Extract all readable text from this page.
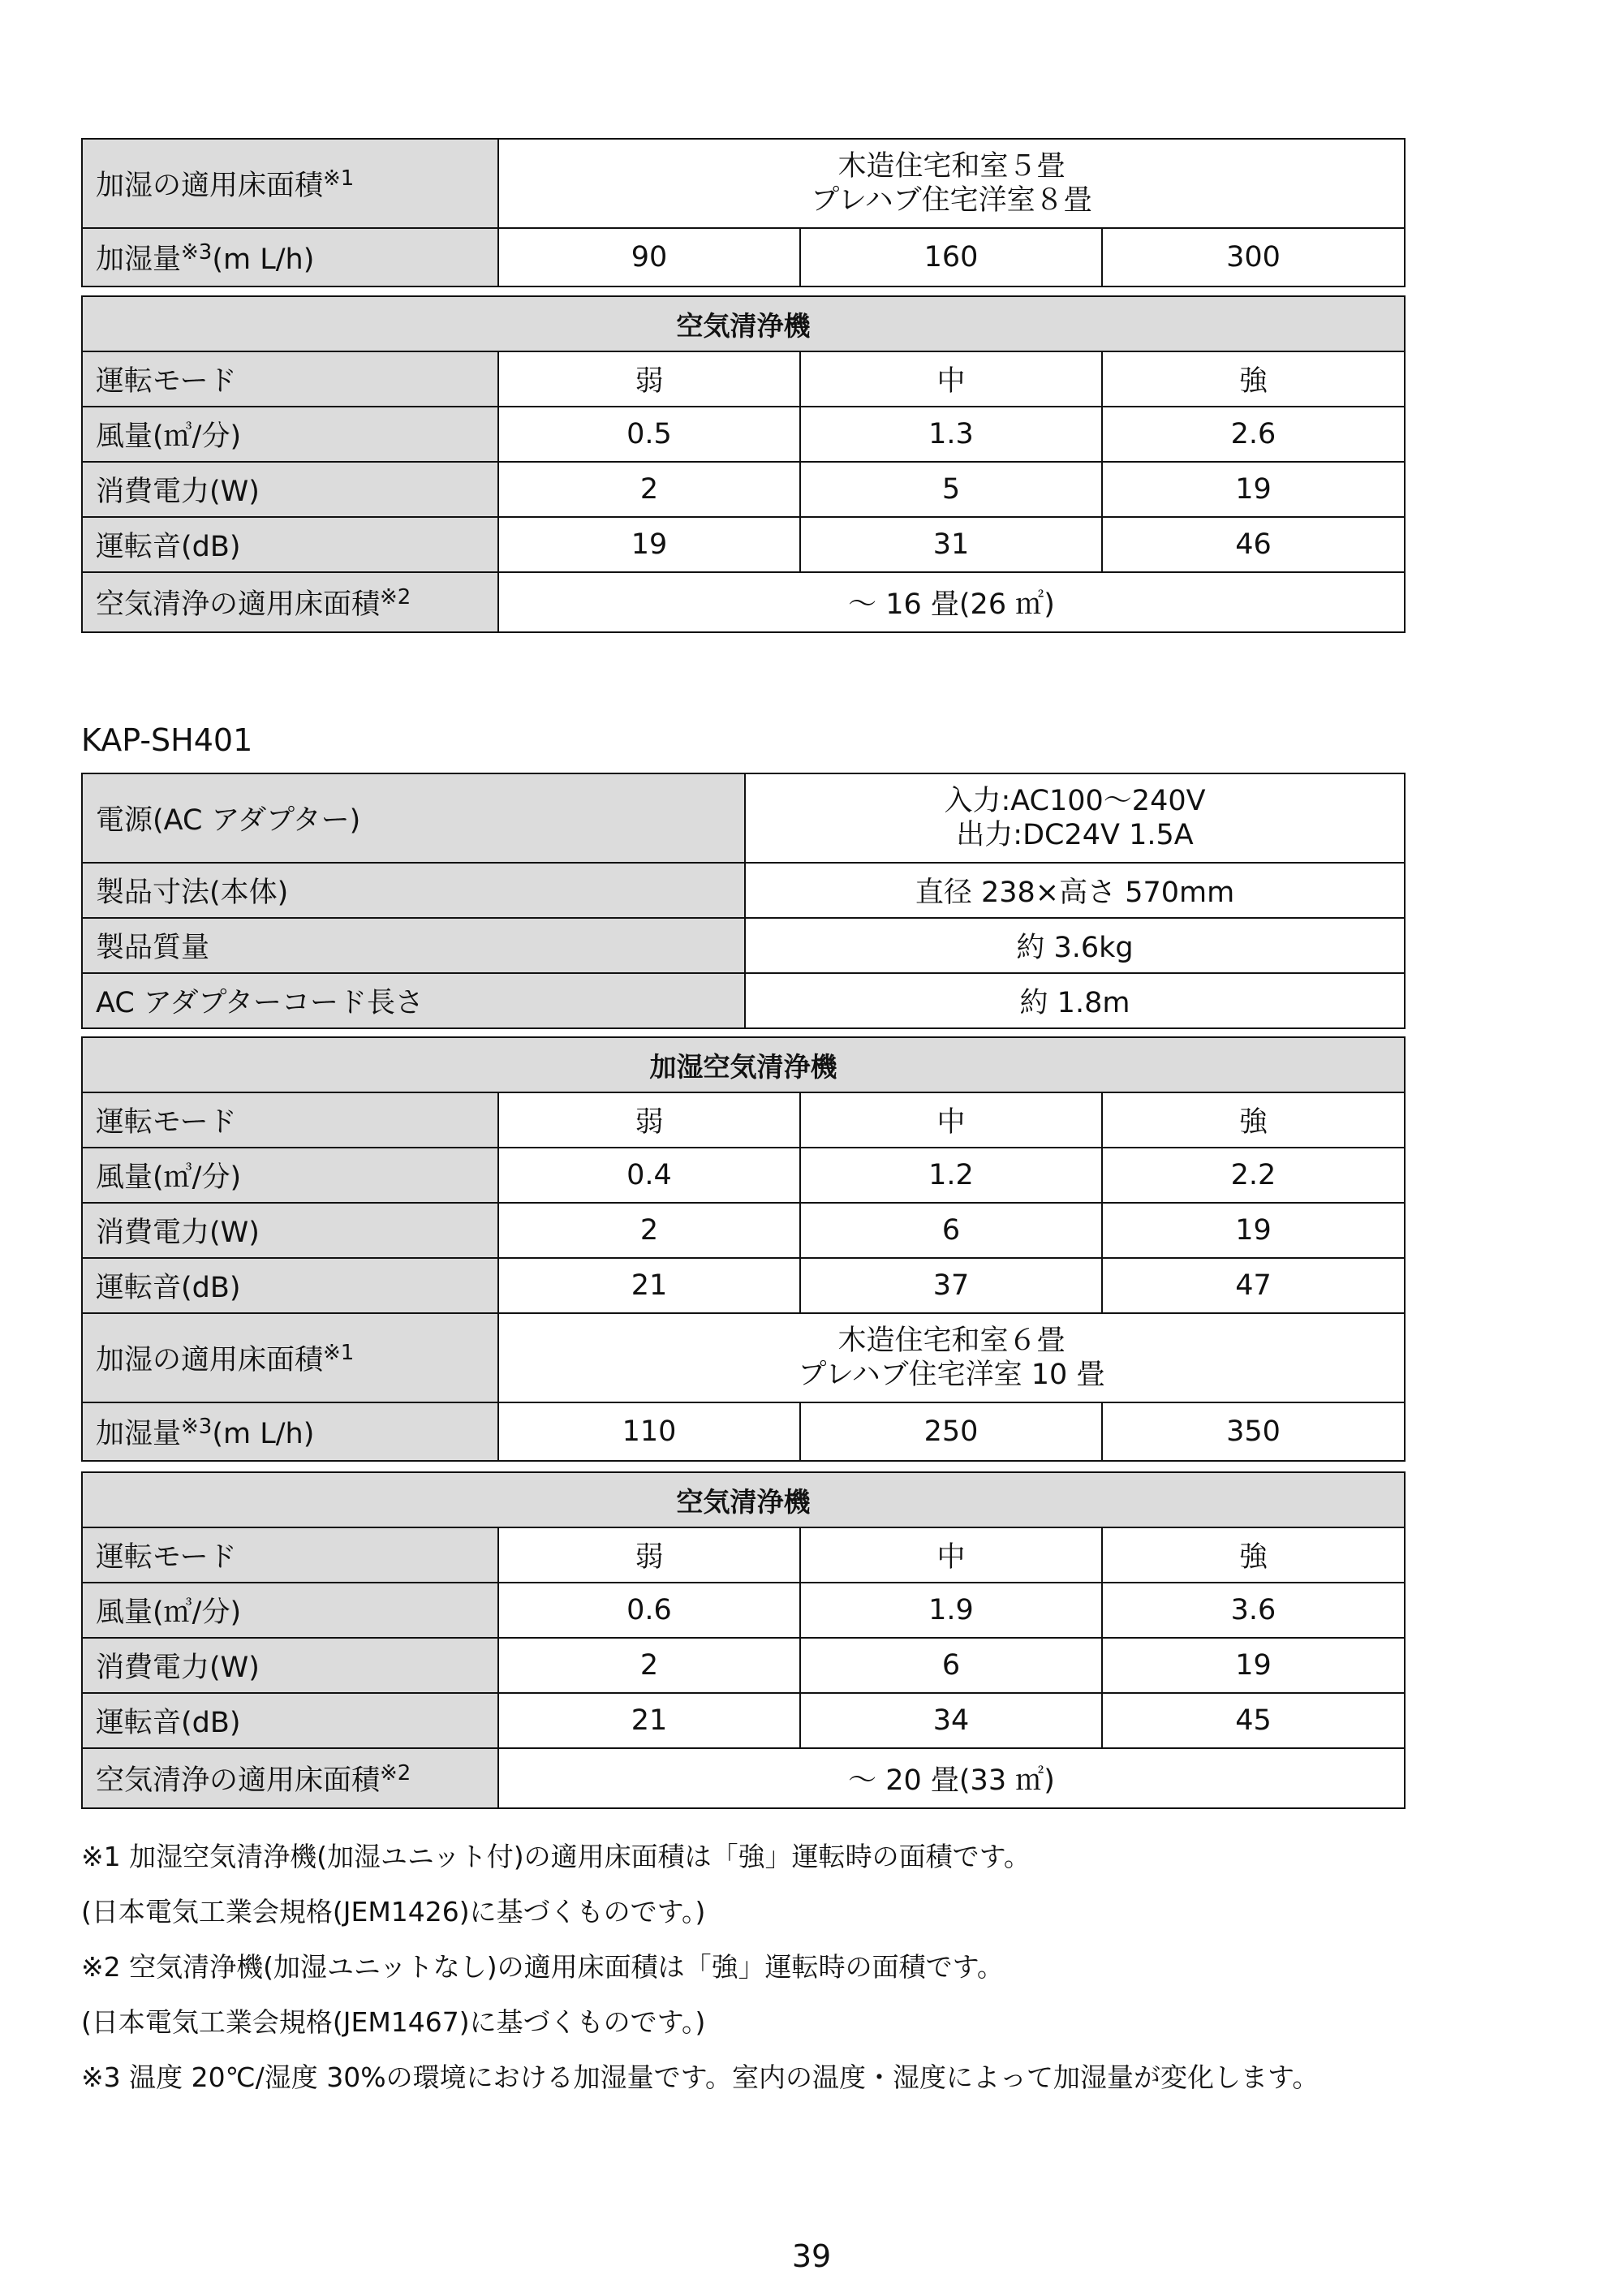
加湿の適用床面積$^{※1}$	木造住宅和室５畳
プレハブ住宅洋室８畳		
加湿量$^{※3}$(m L/h)	90	160	300
空気清浄機			
運転モード	弱	中	強
風量(㎥/分)	0.5	1.3	2.6
消費電力(W)	2	5	19
運転音(dB)	19	31	46
空気清浄の適用床面積$^{※2}$	〜 16 畳(26 ㎡)		
KAP-SH401
電源(AC アダプター)	入力:AC100〜240V
出力:DC24V 1.5A
製品寸法(本体)	直径 238×高さ 570mm
製品質量	約 3.6kg
AC アダプターコード長さ	約 1.8m
加湿空気清浄機			
運転モード	弱	中	強
風量(㎥/分)	0.4	1.2	2.2
消費電力(W)	2	6	19
運転音(dB)	21	37	47
加湿の適用床面積$^{※1}$	木造住宅和室６畳
プレハブ住宅洋室 10 畳		
加湿量$^{※3}$(m L/h)	110	250	350
空気清浄機			
運転モード	弱	中	強
風量(㎥/分)	0.6	1.9	3.6
消費電力(W)	2	6	19
運転音(dB)	21	34	45
空気清浄の適用床面積$^{※2}$	〜 20 畳(33 ㎡)		
※1 加湿空気清浄機(加湿ユニット付)の適用床面積は「強」運転時の面積です。
(日本電気工業会規格(JEM1426)に基づくものです。)
※2 空気清浄機(加湿ユニットなし)の適用床面積は「強」運転時の面積です。
(日本電気工業会規格(JEM1467)に基づくものです。)
※3 温度 20℃/湿度 30%の環境における加湿量です。室内の温度・湿度によって加湿量が変化します。
39
